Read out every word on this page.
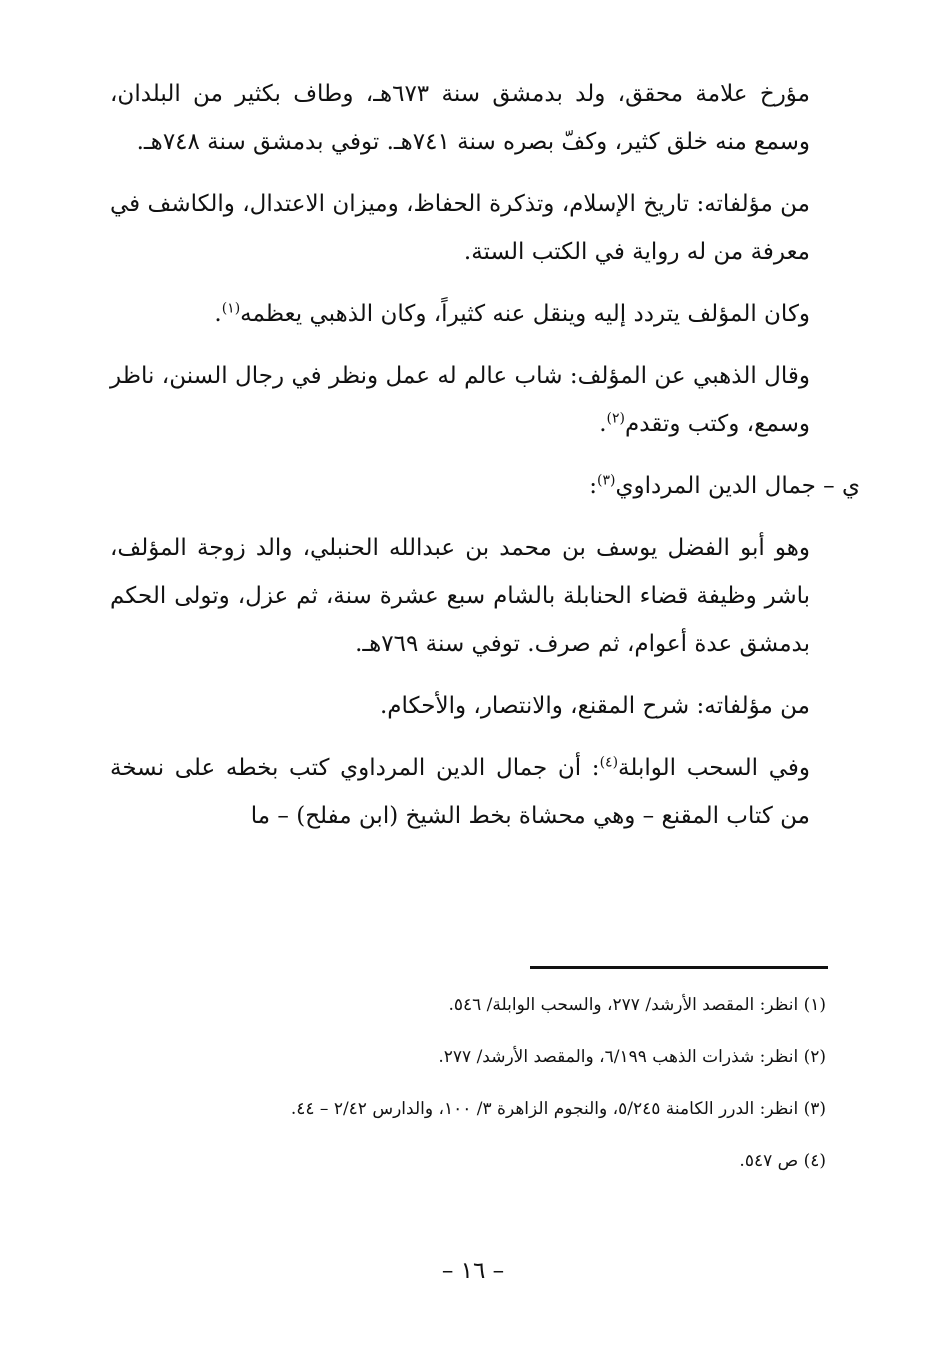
مؤرخ علامة محقق، ولد بدمشق سنة ٦٧٣هـ، وطاف بكثير من البلدان، وسمع منه خلق كثير، وكفّ بصره سنة ٧٤١هـ. توفي بدمشق سنة ٧٤٨هـ.

من مؤلفاته: تاريخ الإسلام، وتذكرة الحفاظ، وميزان الاعتدال، والكاشف في معرفة من له رواية في الكتب الستة.

وكان المؤلف يتردد إليه وينقل عنه كثيراً، وكان الذهبي يعظمه$^{(١)}$.

وقال الذهبي عن المؤلف: شاب عالم له عمل ونظر في رجال السنن، ناظر وسمع، وكتب وتقدم$^{(٢)}$.

ي – جمال الدين المرداوي$^{(٣)}$:

وهو أبو الفضل يوسف بن محمد بن عبدالله الحنبلي، والد زوجة المؤلف، باشر وظيفة قضاء الحنابلة بالشام سبع عشرة سنة، ثم عزل، وتولى الحكم بدمشق عدة أعوام، ثم صرف. توفي سنة ٧٦٩هـ.

من مؤلفاته: شرح المقنع، والانتصار، والأحكام.

وفي السحب الوابلة$^{(٤)}$: أن جمال الدين المرداوي كتب بخطه على نسخة من كتاب المقنع – وهي محشاة بخط الشيخ (ابن مفلح) – ما

(١) انظر: المقصد الأرشد/ ٢٧٧، والسحب الوابلة/ ٥٤٦.

(٢) انظر: شذرات الذهب ٦/١٩٩، والمقصد الأرشد/ ٢٧٧.

(٣) انظر: الدرر الكامنة ٥/٢٤٥، والنجوم الزاهرة ٣/ ١٠٠، والدارس ٢/٤٢ – ٤٤.

(٤) ص ٥٤٧.

– ١٦ –
